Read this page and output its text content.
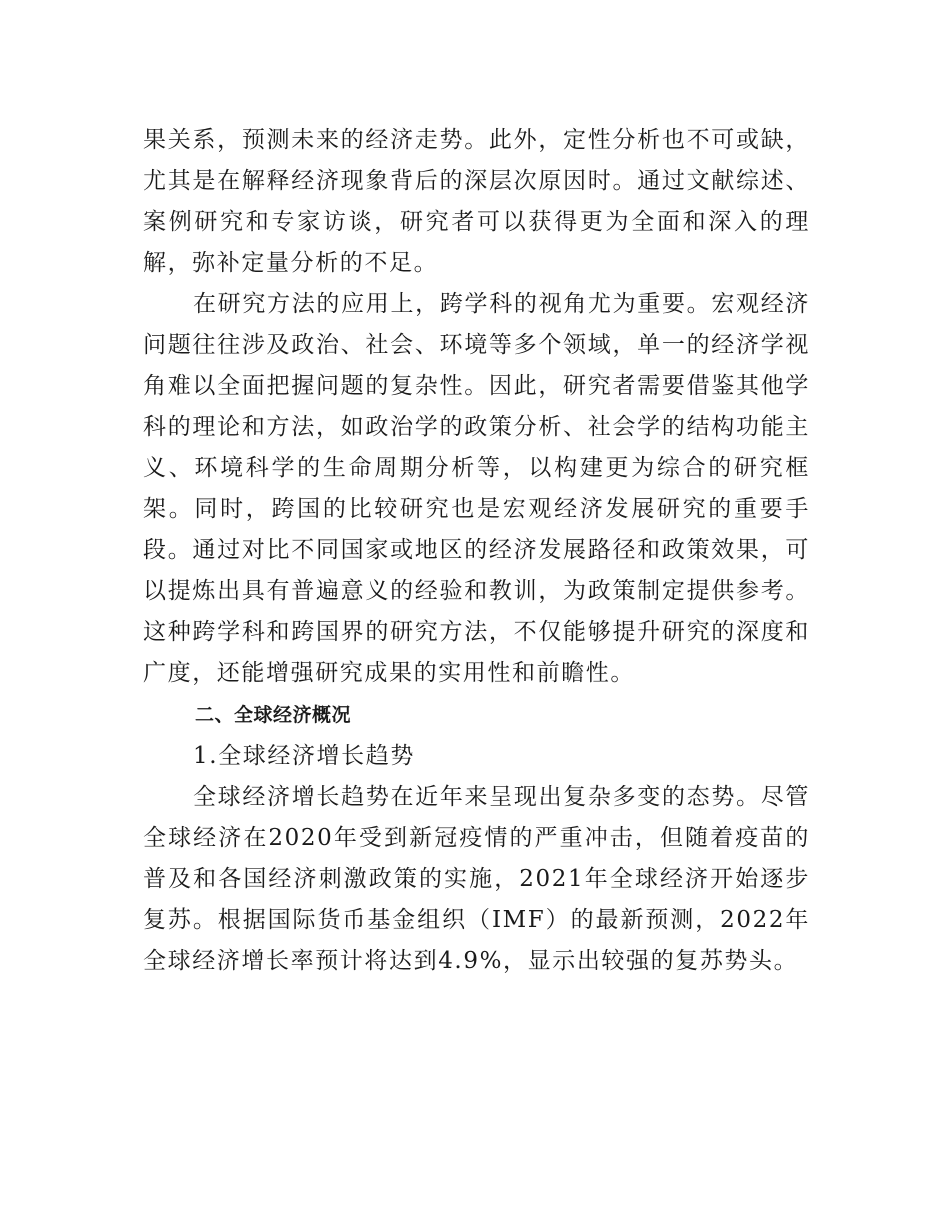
果关系，预测未来的经济走势。此外，定性分析也不可或缺，尤其是在解释经济现象背后的深层次原因时。通过文献综述、案例研究和专家访谈，研究者可以获得更为全面和深入的理解，弥补定量分析的不足。

在研究方法的应用上，跨学科的视角尤为重要。宏观经济问题往往涉及政治、社会、环境等多个领域，单一的经济学视角难以全面把握问题的复杂性。因此，研究者需要借鉴其他学科的理论和方法，如政治学的政策分析、社会学的结构功能主义、环境科学的生命周期分析等，以构建更为综合的研究框架。同时，跨国的比较研究也是宏观经济发展研究的重要手段。通过对比不同国家或地区的经济发展路径和政策效果，可以提炼出具有普遍意义的经验和教训，为政策制定提供参考。这种跨学科和跨国界的研究方法，不仅能够提升研究的深度和广度，还能增强研究成果的实用性和前瞻性。

二、全球经济概况

1.全球经济增长趋势

全球经济增长趋势在近年来呈现出复杂多变的态势。尽管全球经济在2020年受到新冠疫情的严重冲击，但随着疫苗的普及和各国经济刺激政策的实施，2021年全球经济开始逐步复苏。根据国际货币基金组织（IMF）的最新预测，2022年全球经济增长率预计将达到4.9%，显示出较强的复苏势头。
